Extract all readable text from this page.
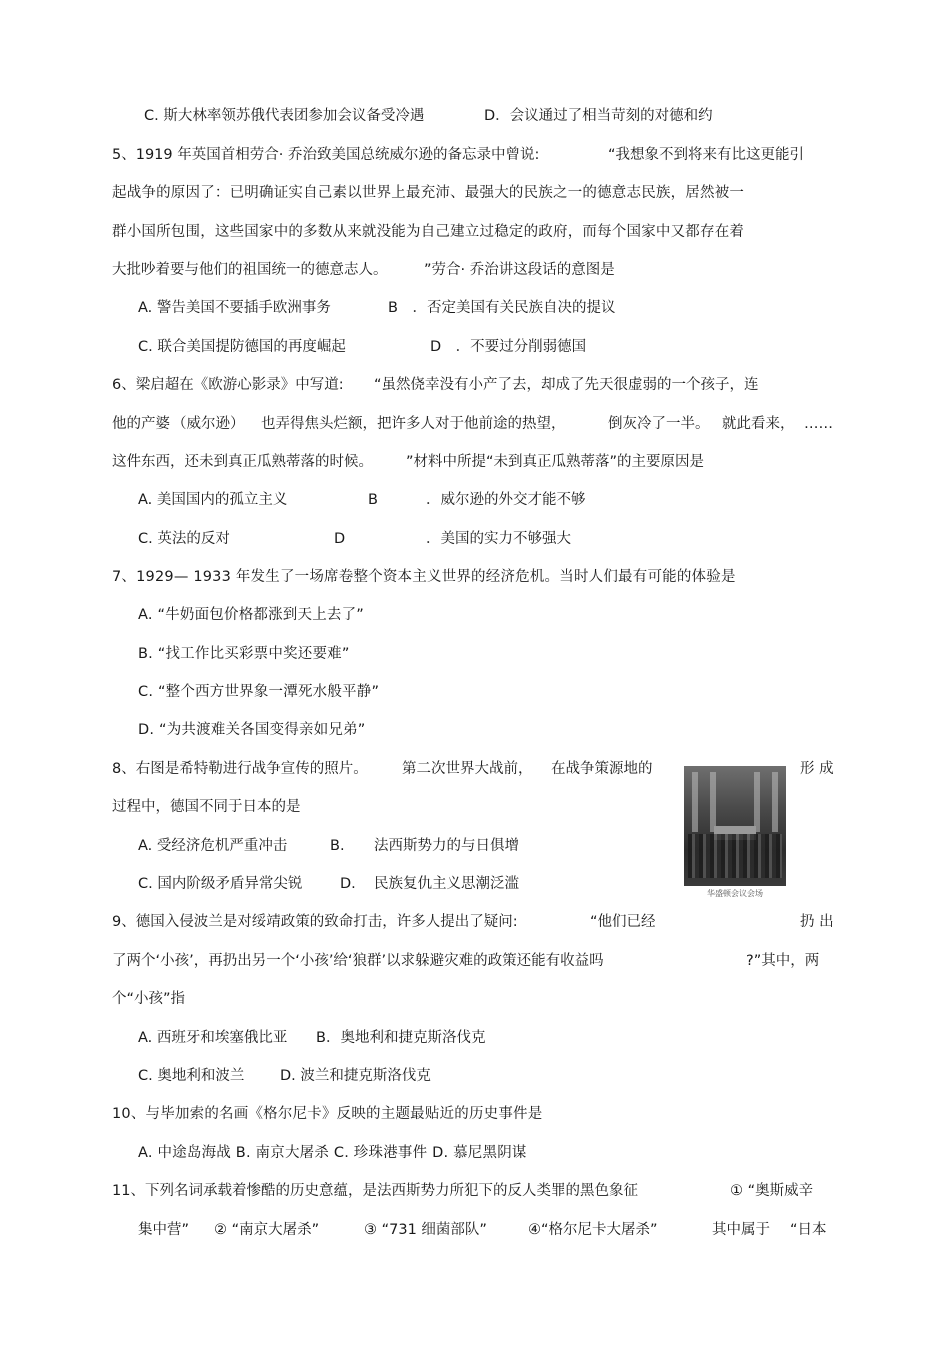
C. 斯大林率领苏俄代表团参加会议备受冷遇	D．会议通过了相当苛刻的对德和约
5、1919 年英国首相劳合· 乔治致美国总统威尔逊的备忘录中曾说:	“我想象不到将来有比这更能引
起战争的原因了：已明确证实自己素以世界上最充沛、最强大的民族之一的德意志民族，居然被一
群小国所包围，这些国家中的多数从来就没能为自己建立过稳定的政府，而每个国家中又都存在着
大批吵着要与他们的祖国统一的德意志人。	”劳合· 乔治讲这段话的意图是
A. 警告美国不要插手欧洲事务	B　．否定美国有关民族自决的提议
C. 联合美国提防德国的再度崛起	D　．不要过分削弱德国
6、梁启超在《欧游心影录》中写道: “虽然侥幸没有小产了去，却成了先天很虚弱的一个孩子，连
他的产婆 （威尔逊） 也弄得焦头烂额， 把许多人对于他前途的热望，	倒灰冷了一半。 就此看来， ……
这件东西，还未到真正瓜熟蒂落的时候。 ”材料中所提“未到真正瓜熟蒂落”的主要原因是
A. 美国国内的孤立主义	B	．威尔逊的外交才能不够
C. 英法的反对	D	．美国的实力不够强大
7、1929— 1933 年发生了一场席卷整个资本主义世界的经济危机。当时人们最有可能的体验是
A. “牛奶面包价格都涨到天上去了”
B. “找工作比买彩票中奖还要难”
C. “整个西方世界象一潭死水般平静”
D. “为共渡难关各国变得亲如兄弟”
8、右图是希特勒进行战争宣传的照片。 第二次世界大战前， 在战争策源地的	形 成
过程中，德国不同于日本的是
A. 受经济危机严重冲击	B. 法西斯势力的与日俱增
C. 国内阶级矛盾异常尖锐	D. 民族复仇主义思潮泛滥
华盛顿会议会场
9、德国入侵波兰是对绥靖政策的致命打击，许多人提出了疑问:	“他们已经	扔 出
了两个‘小孩’，再扔出另一个‘小孩’给‘狼群’以求躲避灾难的政策还能有收益吗	?”其中，两
个“小孩”指
A. 西班牙和埃塞俄比亚 B．奥地利和捷克斯洛伐克
C. 奥地利和波兰 D. 波兰和捷克斯洛伐克
10、与毕加索的名画《格尔尼卡》反映的主题最贴近的历史事件是
A. 中途岛海战 B. 南京大屠杀 C. 珍珠港事件 D. 慕尼黑阴谋
11、下列名词承载着惨酷的历史意蕴，是法西斯势力所犯下的反人类罪的黑色象征	① “奥斯威辛
集中营” ② “南京大屠杀”	③ “731 细菌部队”	④“格尔尼卡大屠杀”	其中属于 “日本
